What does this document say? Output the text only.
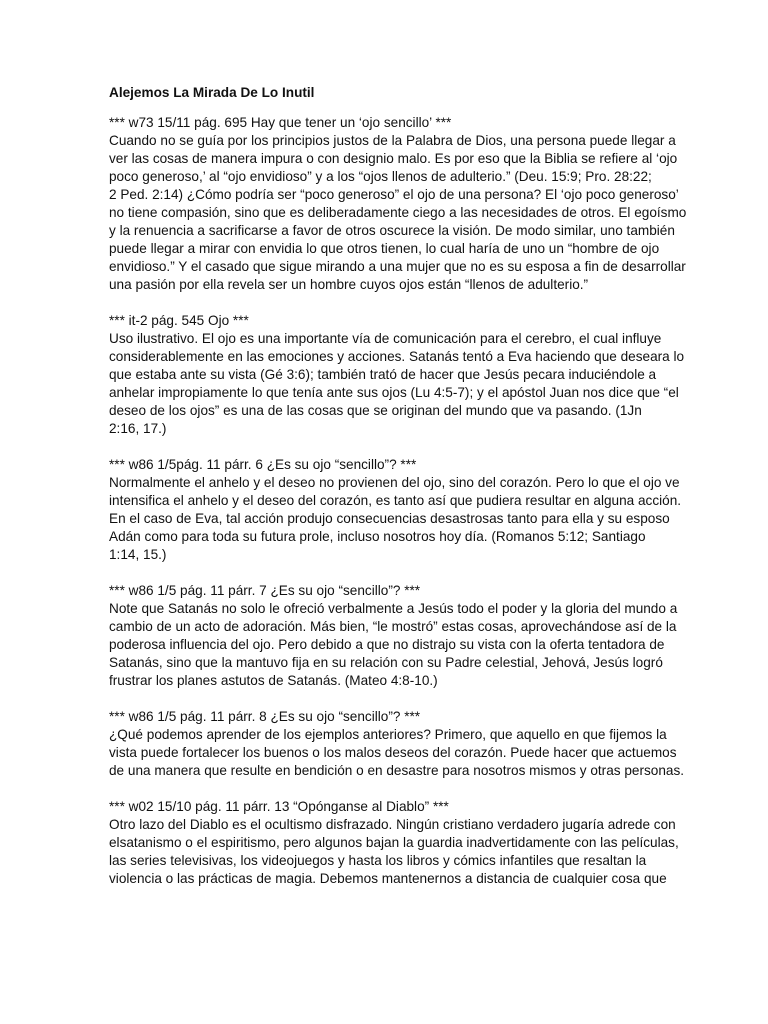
Alejemos La Mirada De Lo Inutil
*** w73 15/11 pág. 695 Hay que tener un ‘ojo sencillo’ ***
Cuando no se guía por los principios justos de la Palabra de Dios, una persona puede llegar a
ver las cosas de manera impura o con designio malo. Es por eso que la Biblia se refiere al ‘ojo
poco generoso,’ al “ojo envidioso” y a los “ojos llenos de adulterio.” (Deu. 15:9; Pro. 28:22;
2 Ped. 2:14) ¿Cómo podría ser “poco generoso” el ojo de una persona? El ‘ojo poco generoso’
no tiene compasión, sino que es deliberadamente ciego a las necesidades de otros. El egoísmo
y la renuencia a sacrificarse a favor de otros oscurece la visión. De modo similar, uno también
puede llegar a mirar con envidia lo que otros tienen, lo cual haría de uno un “hombre de ojo
envidioso.” Y el casado que sigue mirando a una mujer que no es su esposa a fin de desarrollar
una pasión por ella revela ser un hombre cuyos ojos están “llenos de adulterio.”
*** it-2 pág. 545 Ojo ***
Uso ilustrativo. El ojo es una importante vía de comunicación para el cerebro, el cual influye
considerablemente en las emociones y acciones. Satanás tentó a Eva haciendo que deseara lo
que estaba ante su vista (Gé 3:6); también trató de hacer que Jesús pecara induciéndole a
anhelar impropiamente lo que tenía ante sus ojos (Lu 4:5-7); y el apóstol Juan nos dice que “el
deseo de los ojos” es una de las cosas que se originan del mundo que va pasando. (1Jn
2:16, 17.)
*** w86 1/5pág. 11 párr. 6 ¿Es su ojo “sencillo”? ***
Normalmente el anhelo y el deseo no provienen del ojo, sino del corazón. Pero lo que el ojo ve
intensifica el anhelo y el deseo del corazón, es tanto así que pudiera resultar en alguna acción.
En el caso de Eva, tal acción produjo consecuencias desastrosas tanto para ella y su esposo
Adán como para toda su futura prole, incluso nosotros hoy día. (Romanos 5:12; Santiago
1:14, 15.)
*** w86 1/5 pág. 11 párr. 7 ¿Es su ojo “sencillo”? ***
Note que Satanás no solo le ofreció verbalmente a Jesús todo el poder y la gloria del mundo a
cambio de un acto de adoración. Más bien, “le mostró” estas cosas, aprovechándose así de la
poderosa influencia del ojo. Pero debido a que no distrajo su vista con la oferta tentadora de
Satanás, sino que la mantuvo fija en su relación con su Padre celestial, Jehová, Jesús logró
frustrar los planes astutos de Satanás. (Mateo 4:8-10.)
*** w86 1/5 pág. 11 párr. 8 ¿Es su ojo “sencillo”? ***
¿Qué podemos aprender de los ejemplos anteriores? Primero, que aquello en que fijemos la
vista puede fortalecer los buenos o los malos deseos del corazón. Puede hacer que actuemos
de una manera que resulte en bendición o en desastre para nosotros mismos y otras personas.
*** w02 15/10 pág. 11 párr. 13 “Opónganse al Diablo” ***
Otro lazo del Diablo es el ocultismo disfrazado. Ningún cristiano verdadero jugaría adrede con
elsatanismo o el espiritismo, pero algunos bajan la guardia inadvertidamente con las películas,
las series televisivas, los videojuegos y hasta los libros y cómics infantiles que resaltan la
violencia o las prácticas de magia. Debemos mantenernos a distancia de cualquier cosa que
